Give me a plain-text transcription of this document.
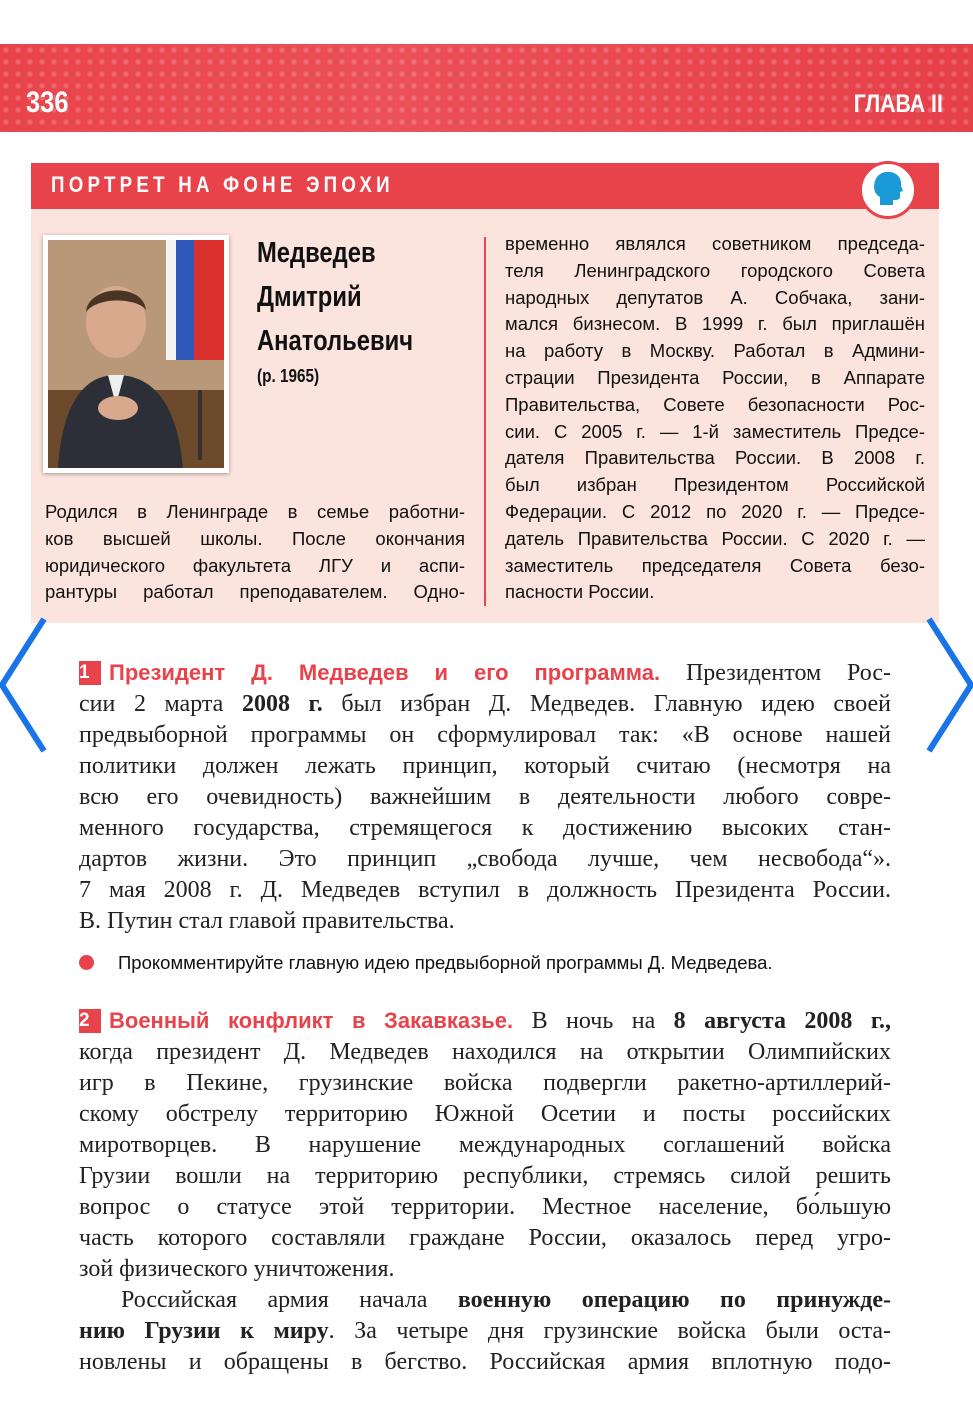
336	ГЛАВА II
ПОРТРЕТ НА ФОНЕ ЭПОХИ
Медведев
Дмитрий
Анатольевич
(р. 1965)
Родился в Ленинграде в семье работни-
ков высшей школы. После окончания
юридического факультета ЛГУ и аспи-
рантуры работал преподавателем. Одно-
временно являлся советником председа-
теля Ленинградского городского Совета
народных депутатов А. Собчака, зани-
мался бизнесом. В 1999 г. был приглашён
на работу в Москву. Работал в Админи-
страции Президента России, в Аппарате
Правительства, Совете безопасности Рос-
сии. С 2005 г. — 1-й заместитель Предсе-
дателя Правительства России. В 2008 г.
был избран Президентом Российской
Федерации. С 2012 по 2020 г. — Предсе-
датель Правительства России. С 2020 г. —
заместитель председателя Совета безо-
пасности России.
1 Президент Д. Медведев и его программа. Президентом Рос-
сии 2 марта 2008 г. был избран Д. Медведев. Главную идею своей
предвыборной программы он сформулировал так: «В основе нашей
политики должен лежать принцип, который считаю (несмотря на
всю его очевидность) важнейшим в деятельности любого совре-
менного государства, стремящегося к достижению высоких стан-
дартов жизни. Это принцип „свобода лучше, чем несвобода“».
7 мая 2008 г. Д. Медведев вступил в должность Президента России.
В. Путин стал главой правительства.
Прокомментируйте главную идею предвыборной программы Д. Медведева.
2 Военный конфликт в Закавказье. В ночь на 8 августа 2008 г.,
когда президент Д. Медведев находился на открытии Олимпийских
игр в Пекине, грузинские войска подвергли ракетно-артиллерий-
скому обстрелу территорию Южной Осетии и посты российских
миротворцев. В нарушение международных соглашений войска
Грузии вошли на территорию республики, стремясь силой решить
вопрос о статусе этой территории. Местное население, бо́льшую
часть которого составляли граждане России, оказалось перед угро-
зой физического уничтожения.
Российская армия начала военную операцию по принужде-
нию Грузии к миру. За четыре дня грузинские войска были оста-
новлены и обращены в бегство. Российская армия вплотную подо-
